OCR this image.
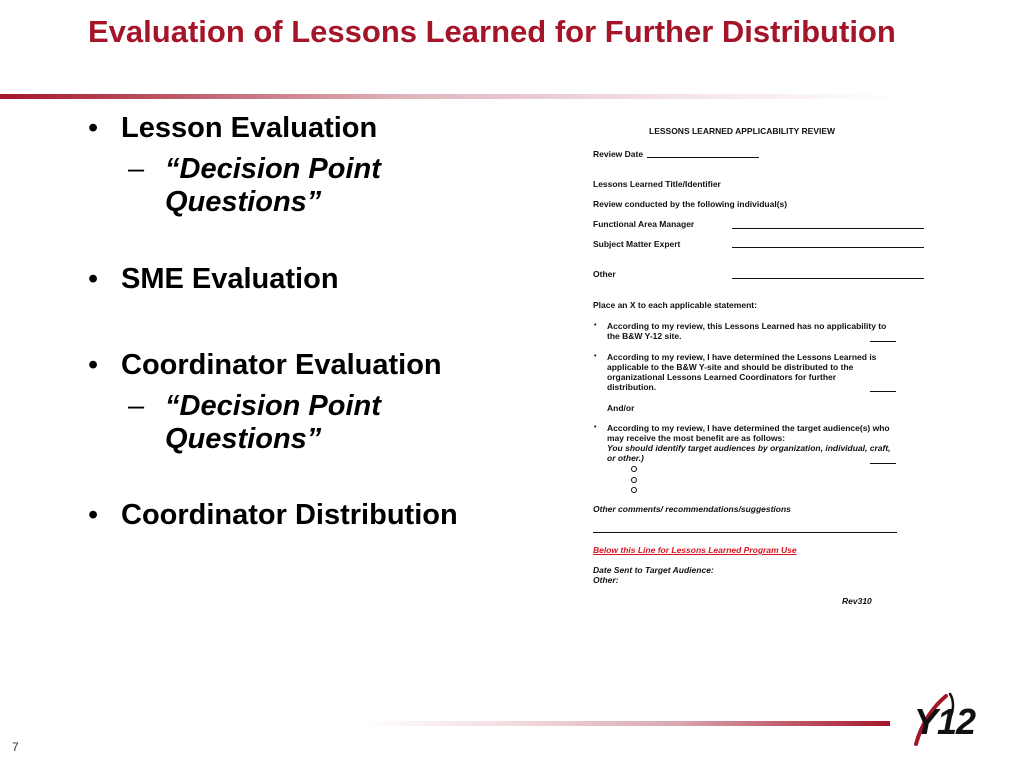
Evaluation of Lessons Learned for Further Distribution
• Lesson Evaluation
– “Decision Point Questions”
• SME Evaluation
• Coordinator Evaluation
– “Decision Point Questions”
• Coordinator Distribution
LESSONS LEARNED APPLICABILITY REVIEW
Review Date
Lessons Learned Title/Identifier
Review conducted by the following individual(s)
Functional Area Manager
Subject Matter Expert
Other
Place an X to each applicable statement:
• According to my review, this Lessons Learned has no applicability to
the B&W Y-12 site.
• According to my review, I have determined the Lessons Learned is
applicable to the B&W Y-site and should be distributed to the
organizational Lessons Learned Coordinators for further
distribution.
And/or
• According to my review, I have determined the target audience(s) who
may receive the most benefit are as follows:
You should identify target audiences by organization, individual, craft,
or other.)
Other comments/ recommendations/suggestions
Below this Line for Lessons Learned Program Use
Date Sent to Target Audience:
Other:
Rev310
7
Y12
